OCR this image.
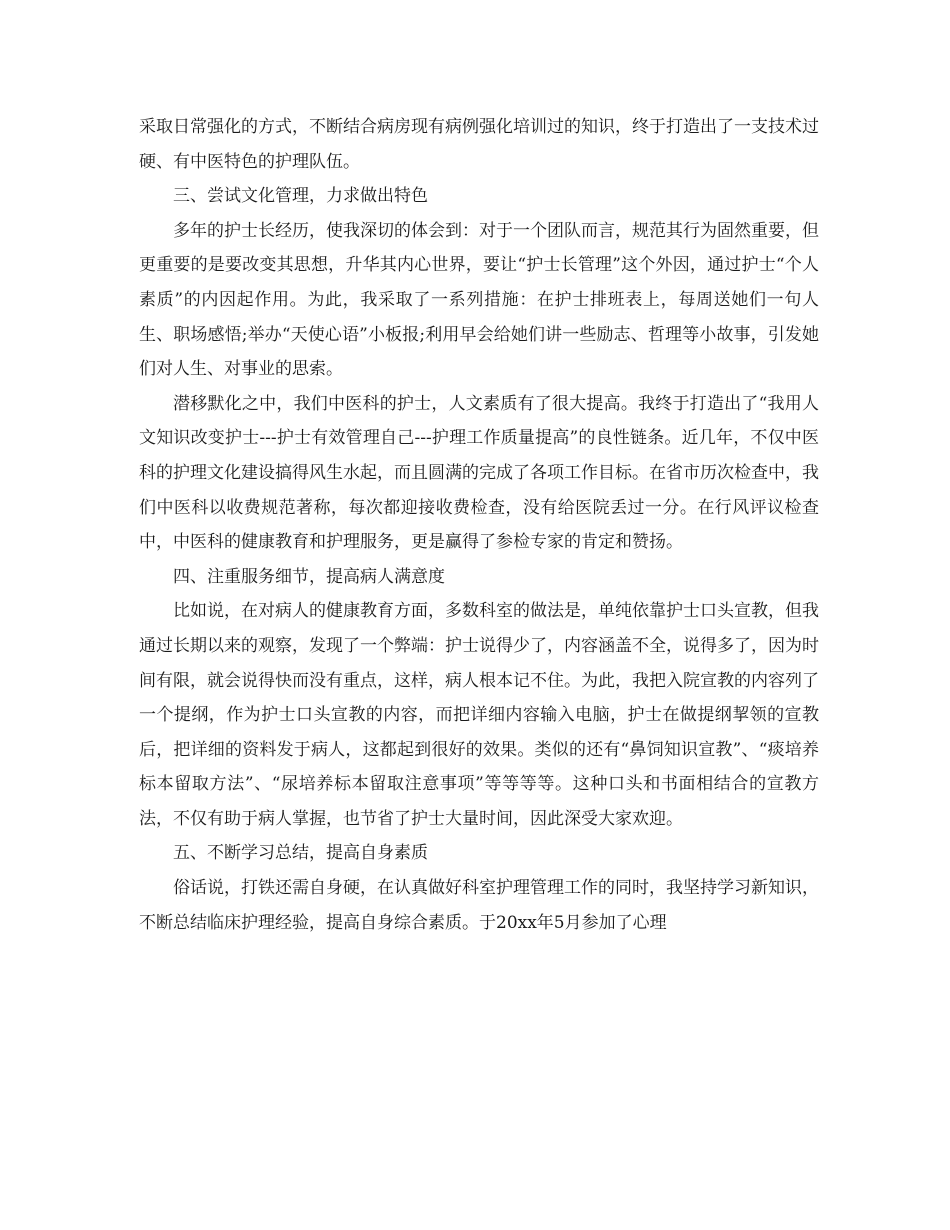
采取日常强化的方式，不断结合病房现有病例强化培训过的知识，终于打造出了一支技术过硬、有中医特色的护理队伍。

三、尝试文化管理，力求做出特色

多年的护士长经历，使我深切的体会到：对于一个团队而言，规范其行为固然重要，但更重要的是要改变其思想，升华其内心世界，要让“护士长管理”这个外因，通过护士“个人素质”的内因起作用。为此，我采取了一系列措施：在护士排班表上，每周送她们一句人生、职场感悟;举办“天使心语”小板报;利用早会给她们讲一些励志、哲理等小故事，引发她们对人生、对事业的思索。

潜移默化之中，我们中医科的护士，人文素质有了很大提高。我终于打造出了“我用人文知识改变护士---护士有效管理自己---护理工作质量提高”的良性链条。近几年，不仅中医科的护理文化建设搞得风生水起，而且圆满的完成了各项工作目标。在省市历次检查中，我们中医科以收费规范著称，每次都迎接收费检查，没有给医院丢过一分。在行风评议检查中，中医科的健康教育和护理服务，更是赢得了参检专家的肯定和赞扬。

四、注重服务细节，提高病人满意度

比如说，在对病人的健康教育方面，多数科室的做法是，单纯依靠护士口头宣教，但我通过长期以来的观察，发现了一个弊端：护士说得少了，内容涵盖不全，说得多了，因为时间有限，就会说得快而没有重点，这样，病人根本记不住。为此，我把入院宣教的内容列了一个提纲，作为护士口头宣教的内容，而把详细内容输入电脑，护士在做提纲挈领的宣教后，把详细的资料发于病人，这都起到很好的效果。类似的还有“鼻饲知识宣教”、“痰培养标本留取方法”、“尿培养标本留取注意事项”等等等等。这种口头和书面相结合的宣教方法，不仅有助于病人掌握，也节省了护士大量时间，因此深受大家欢迎。

五、不断学习总结，提高自身素质

俗话说，打铁还需自身硬，在认真做好科室护理管理工作的同时，我坚持学习新知识，不断总结临床护理经验，提高自身综合素质。于20xx年5月参加了心理
